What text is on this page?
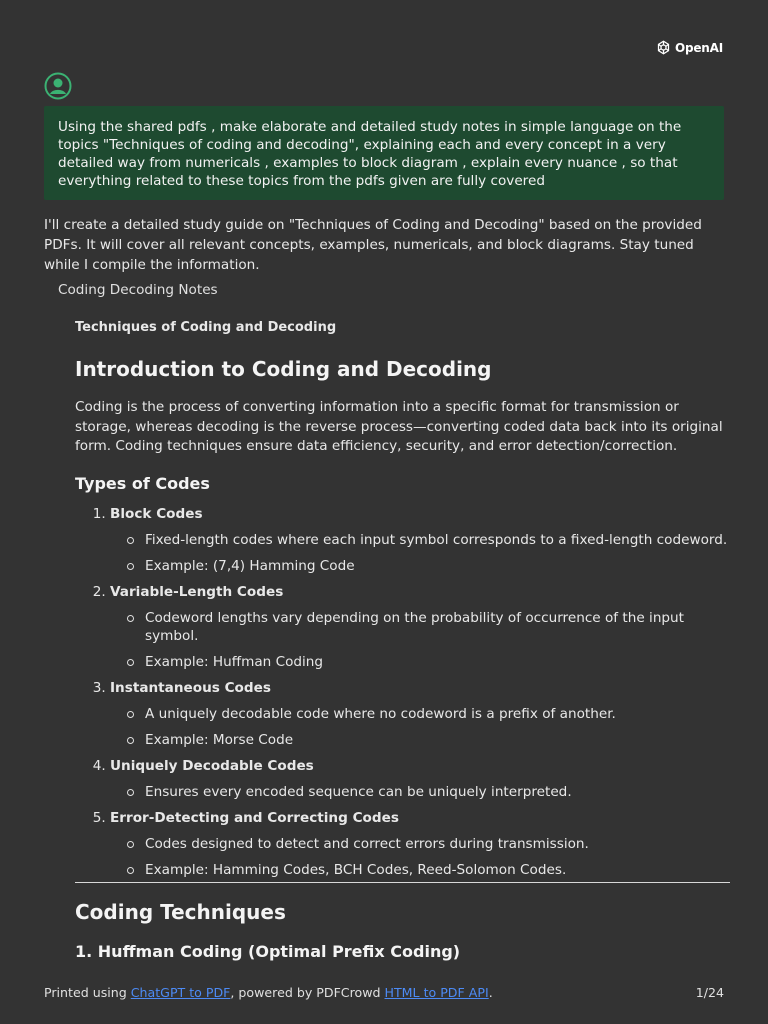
OpenAI
Using the shared pdfs , make elaborate and detailed study notes in simple language on the topics "Techniques of coding and decoding", explaining each and every concept in a very detailed way from numericals , examples to block diagram , explain every nuance , so that everything related to these topics from the pdfs given are fully covered
I'll create a detailed study guide on "Techniques of Coding and Decoding" based on the provided PDFs. It will cover all relevant concepts, examples, numericals, and block diagrams. Stay tuned while I compile the information.
Coding Decoding Notes

Techniques of Coding and Decoding

Introduction to Coding and Decoding

Coding is the process of converting information into a specific format for transmission or storage, whereas decoding is the reverse process—converting coded data back into its original form. Coding techniques ensure data efficiency, security, and error detection/correction.

Types of Codes
1. Block Codes
Fixed-length codes where each input symbol corresponds to a fixed-length codeword.
Example: (7,4) Hamming Code
2. Variable-Length Codes
Codeword lengths vary depending on the probability of occurrence of the input symbol.
Example: Huffman Coding
3. Instantaneous Codes
A uniquely decodable code where no codeword is a prefix of another.
Example: Morse Code
4. Uniquely Decodable Codes
Ensures every encoded sequence can be uniquely interpreted.
5. Error-Detecting and Correcting Codes
Codes designed to detect and correct errors during transmission.
Example: Hamming Codes, BCH Codes, Reed-Solomon Codes.
Coding Techniques
1. Huffman Coding (Optimal Prefix Coding)
Printed using ChatGPT to PDF, powered by PDFCrowd HTML to PDF API.	1/24
